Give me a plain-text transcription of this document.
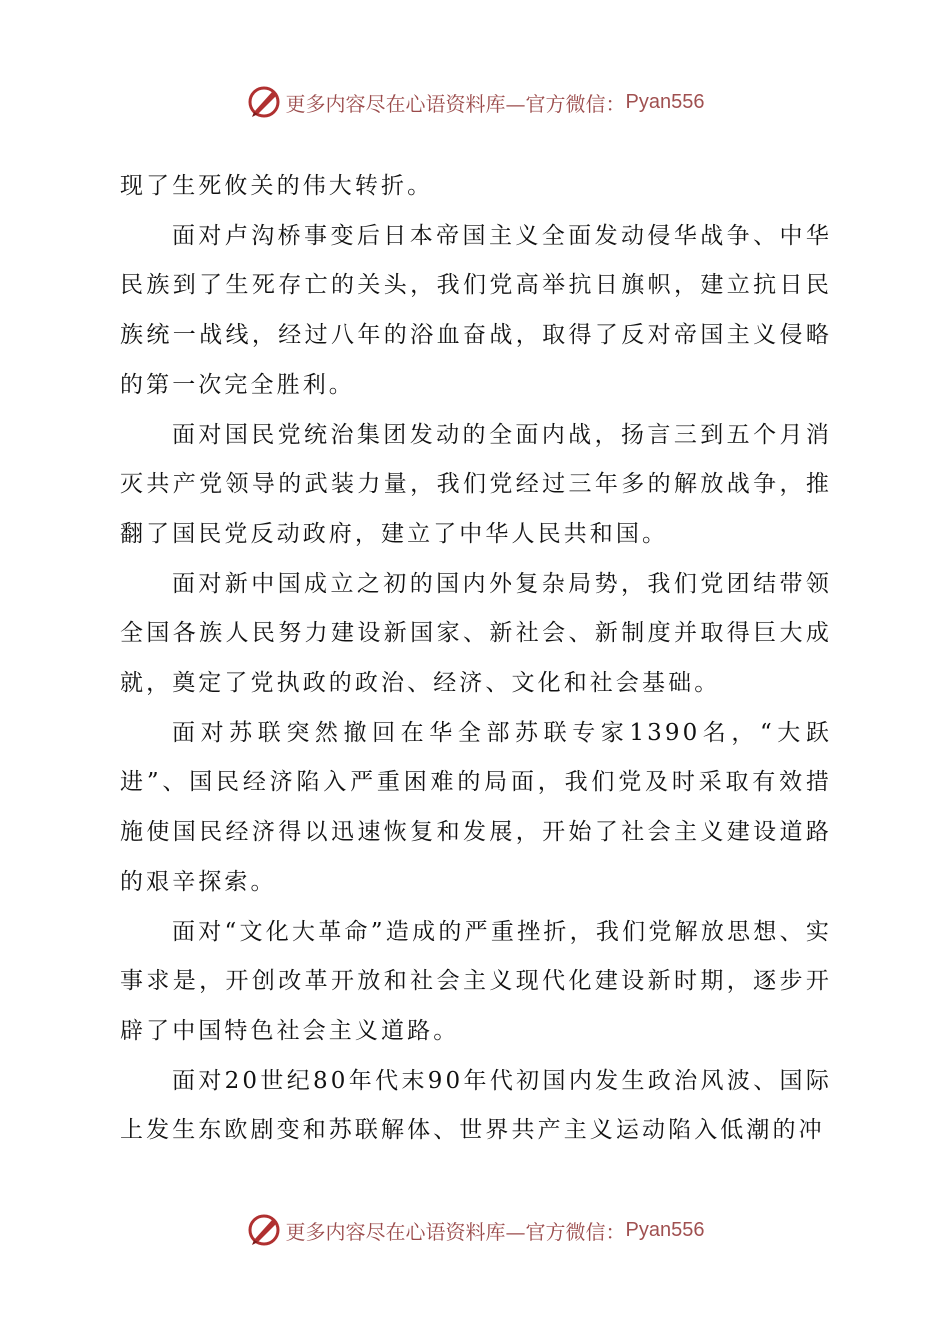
更多内容尽在心语资料库—官方微信： Pyan556

现了生死攸关的伟大转折。

面对卢沟桥事变后日本帝国主义全面发动侵华战争、中华民族到了生死存亡的关头，我们党高举抗日旗帜，建立抗日民族统一战线，经过八年的浴血奋战，取得了反对帝国主义侵略的第一次完全胜利。

面对国民党统治集团发动的全面内战，扬言三到五个月消灭共产党领导的武装力量，我们党经过三年多的解放战争，推翻了国民党反动政府，建立了中华人民共和国。

面对新中国成立之初的国内外复杂局势，我们党团结带领全国各族人民努力建设新国家、新社会、新制度并取得巨大成就，奠定了党执政的政治、经济、文化和社会基础。

面对苏联突然撤回在华全部苏联专家1390名，“大跃进”、国民经济陷入严重困难的局面，我们党及时采取有效措施使国民经济得以迅速恢复和发展，开始了社会主义建设道路的艰辛探索。

面对“文化大革命”造成的严重挫折，我们党解放思想、实事求是，开创改革开放和社会主义现代化建设新时期，逐步开辟了中国特色社会主义道路。

面对20世纪80年代末90年代初国内发生政治风波、国际上发生东欧剧变和苏联解体、世界共产主义运动陷入低潮的冲

更多内容尽在心语资料库—官方微信： Pyan556
